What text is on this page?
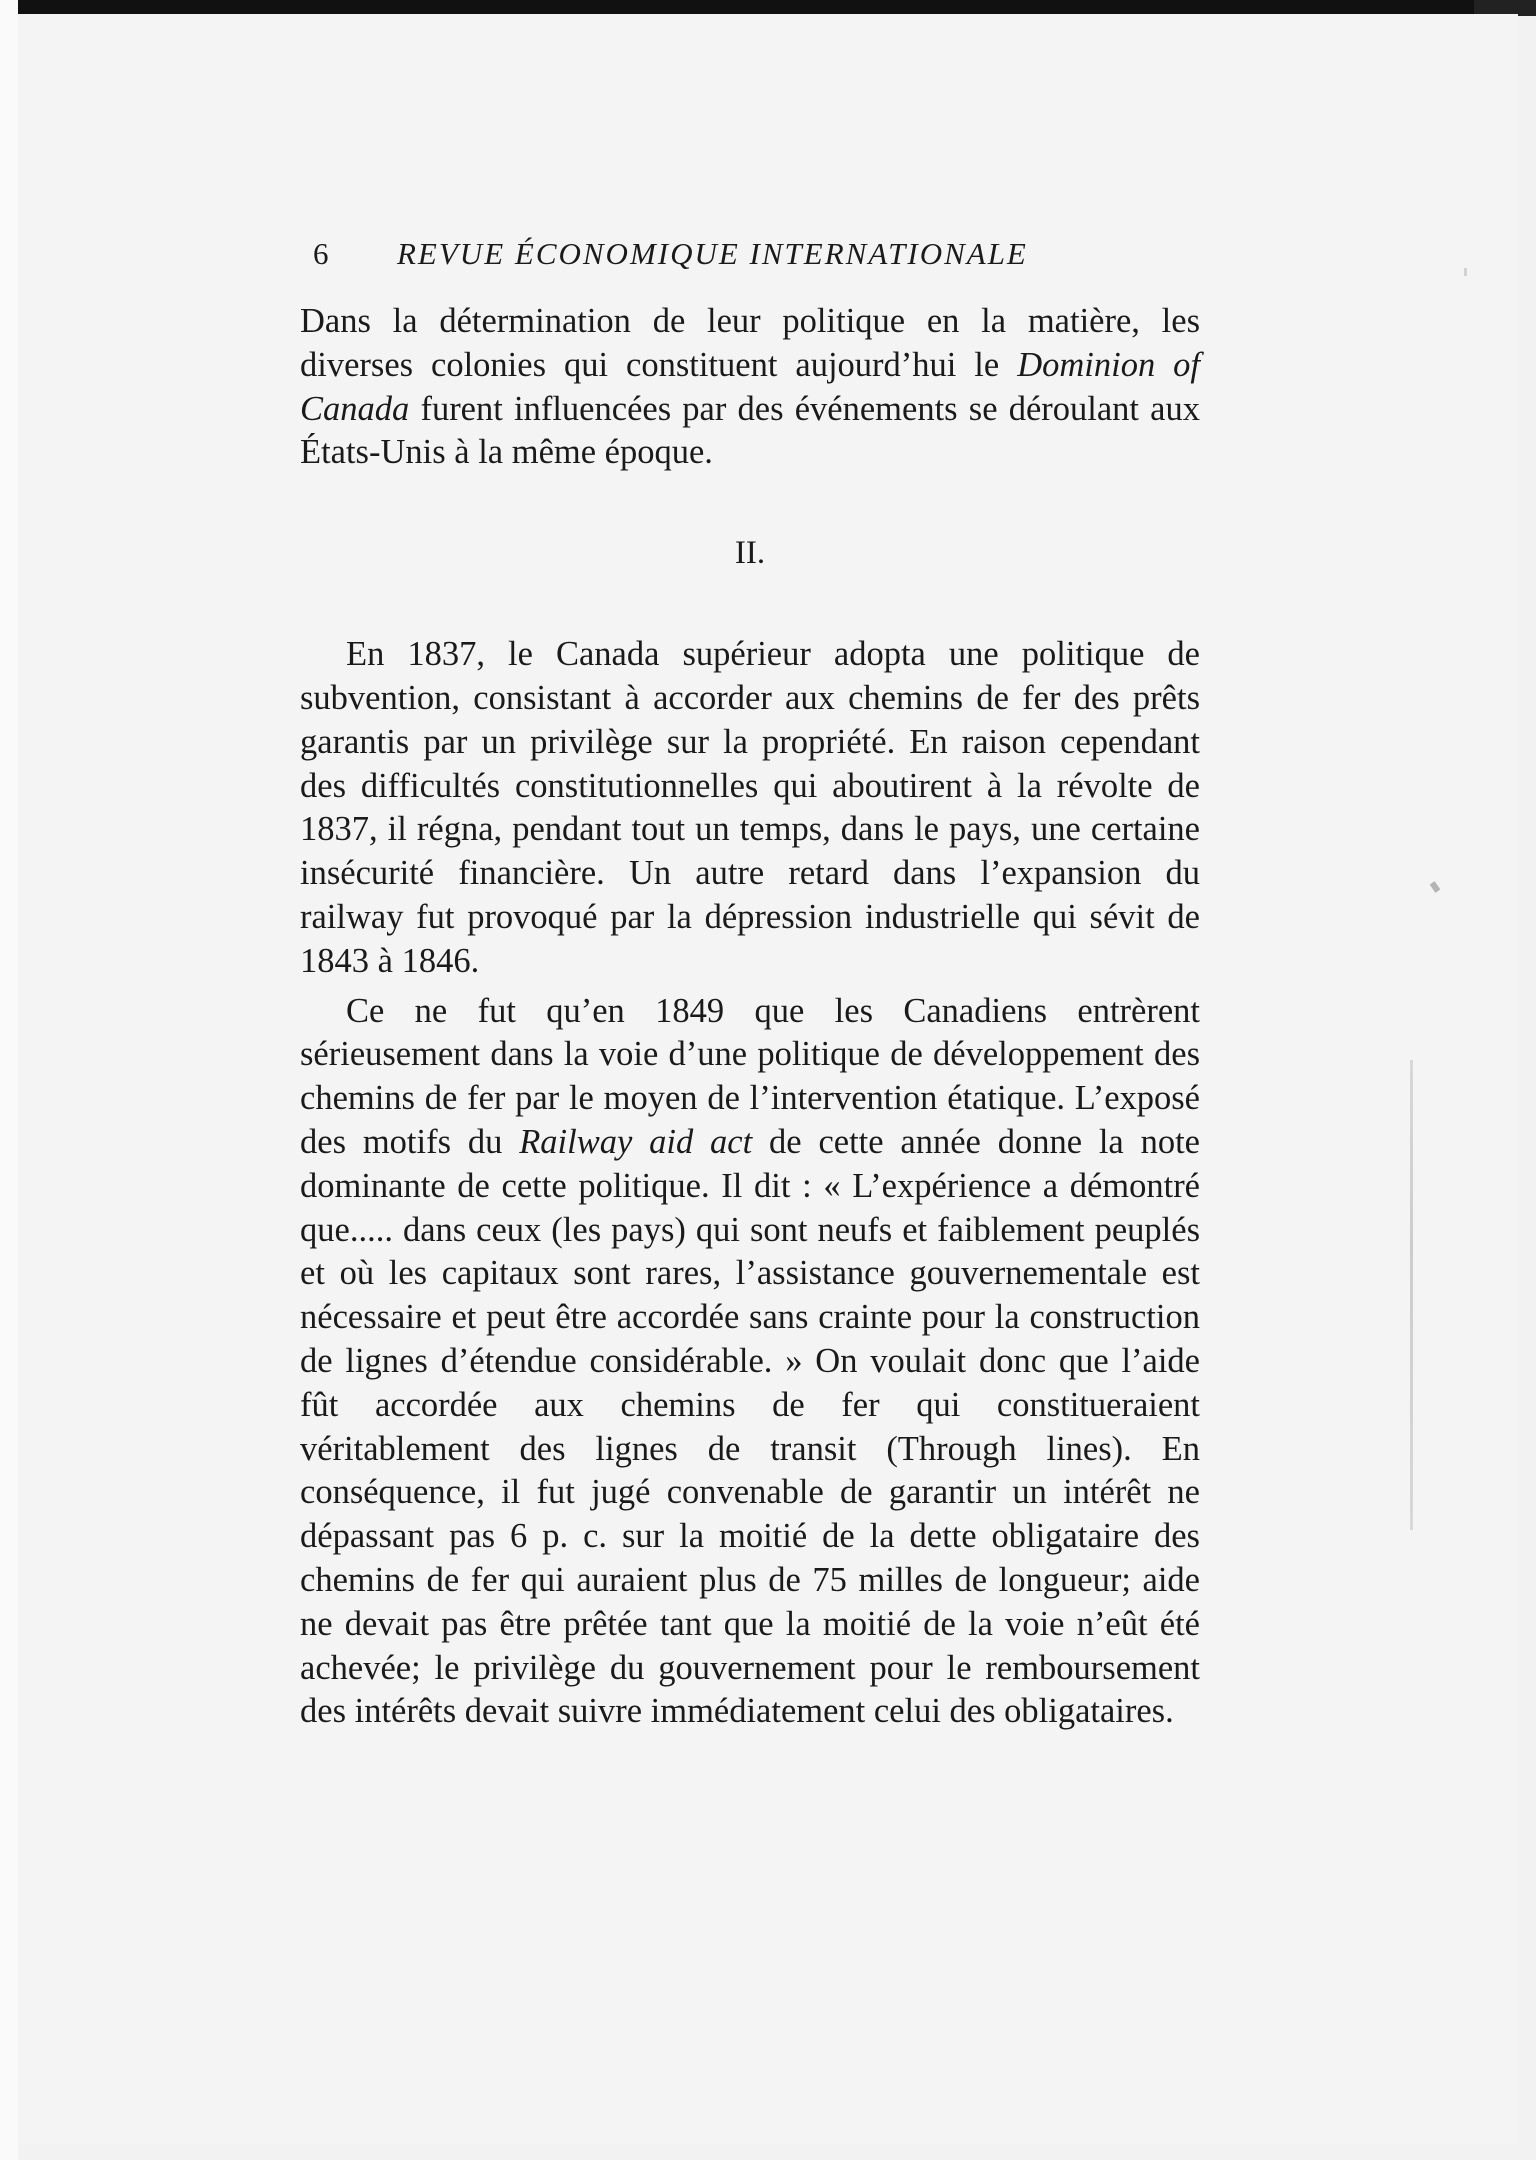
6 REVUE ÉCONOMIQUE INTERNATIONALE

Dans la détermination de leur politique en la matière, les diverses colonies qui constituent aujourd’hui le Dominion of Canada furent influencées par des événements se déroulant aux États-Unis à la même époque.

II.

En 1837, le Canada supérieur adopta une politique de subvention, consistant à accorder aux chemins de fer des prêts garantis par un privilège sur la propriété. En raison cependant des difficultés constitutionnelles qui aboutirent à la révolte de 1837, il régna, pendant tout un temps, dans le pays, une certaine insécurité financière. Un autre retard dans l’expansion du railway fut provoqué par la dépression industrielle qui sévit de 1843 à 1846.

Ce ne fut qu’en 1849 que les Canadiens entrèrent sérieusement dans la voie d’une politique de développement des chemins de fer par le moyen de l’intervention étatique. L’exposé des motifs du Railway aid act de cette année donne la note dominante de cette politique. Il dit : « L’expérience a démontré que..... dans ceux (les pays) qui sont neufs et faiblement peuplés et où les capitaux sont rares, l’assistance gouvernementale est nécessaire et peut être accordée sans crainte pour la construction de lignes d’étendue considérable. » On voulait donc que l’aide fût accordée aux chemins de fer qui constitueraient véritablement des lignes de transit (Through lines). En conséquence, il fut jugé convenable de garantir un intérêt ne dépassant pas 6 p. c. sur la moitié de la dette obligataire des chemins de fer qui auraient plus de 75 milles de longueur; aide ne devait pas être prêtée tant que la moitié de la voie n’eût été achevée; le privilège du gouvernement pour le remboursement des intérêts devait suivre immédiatement celui des obligataires.
